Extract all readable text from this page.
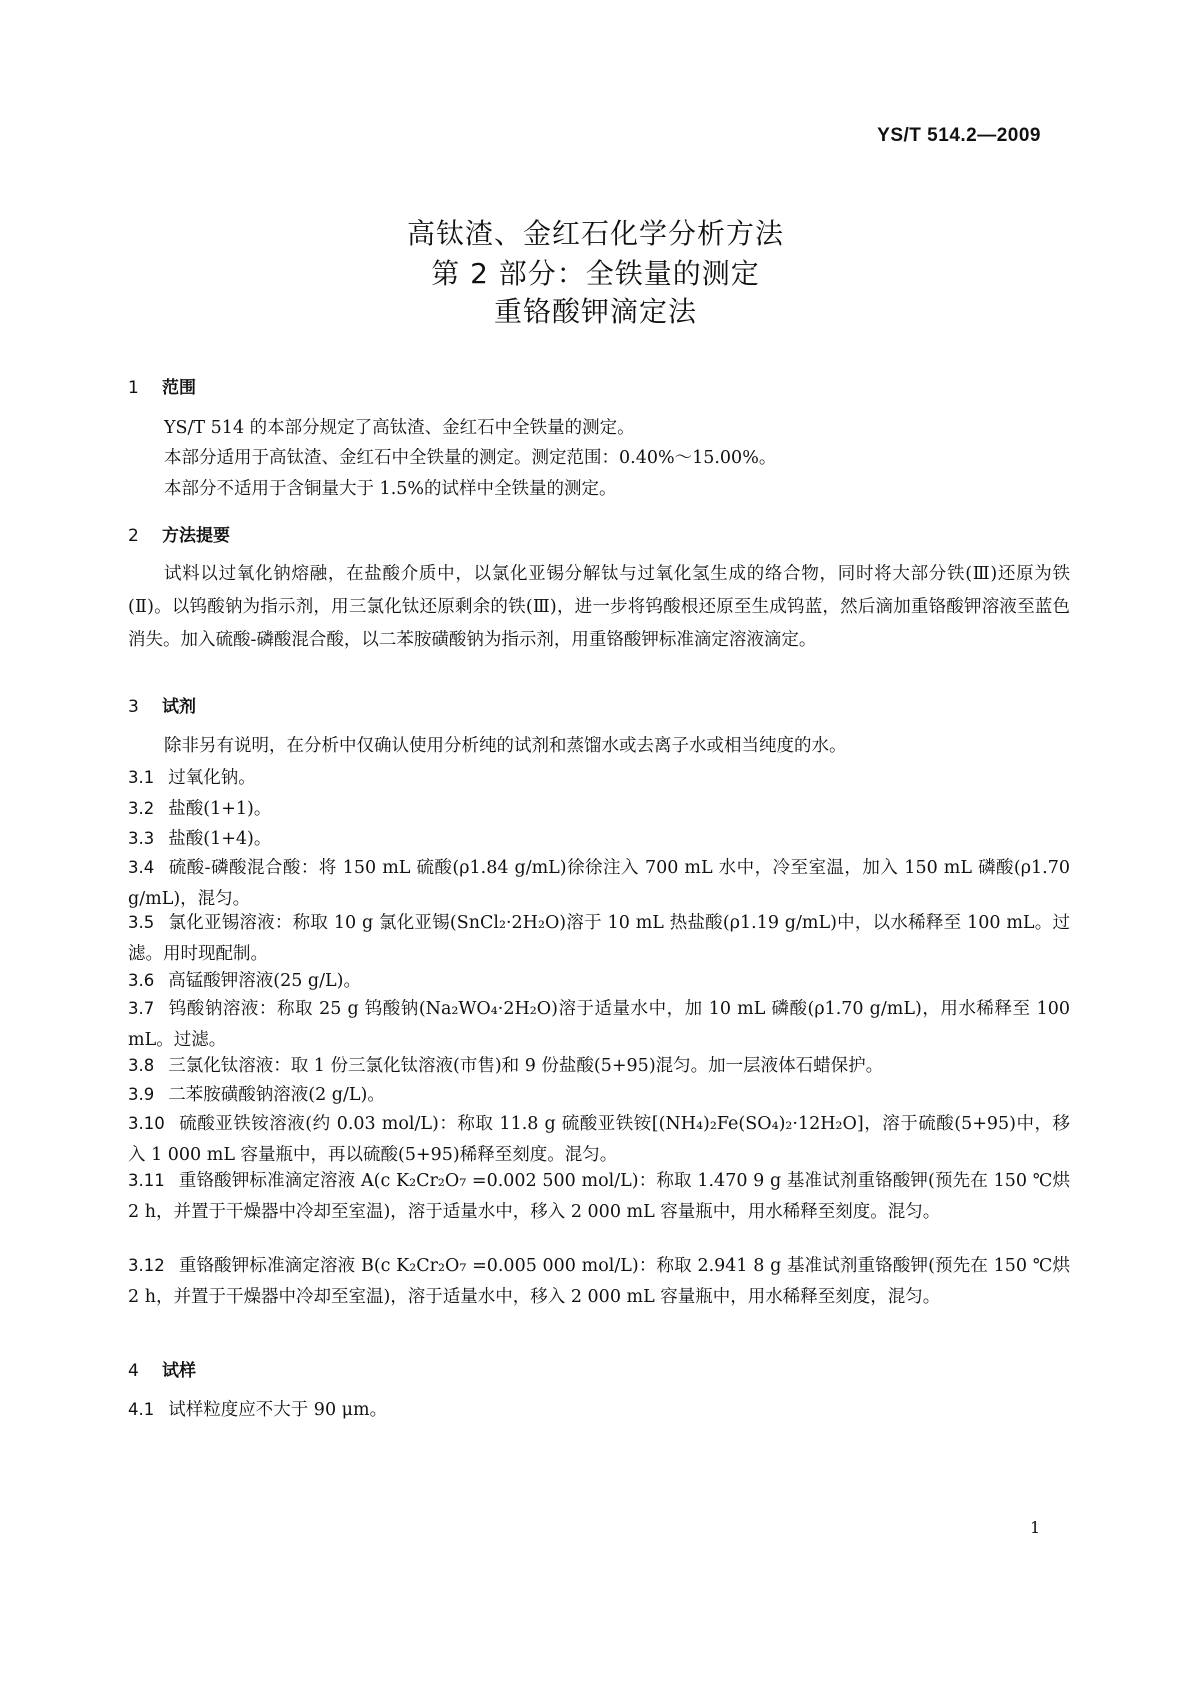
YS/T 514.2—2009
高钛渣、金红石化学分析方法
第 2 部分：全铁量的测定
重铬酸钾滴定法
1 范围
YS/T 514 的本部分规定了高钛渣、金红石中全铁量的测定。
本部分适用于高钛渣、金红石中全铁量的测定。测定范围：0.40%～15.00%。
本部分不适用于含铜量大于 1.5%的试样中全铁量的测定。
2 方法提要
试料以过氧化钠熔融，在盐酸介质中，以氯化亚锡分解钛与过氧化氢生成的络合物，同时将大部分铁(Ⅲ)还原为铁(Ⅱ)。以钨酸钠为指示剂，用三氯化钛还原剩余的铁(Ⅲ)，进一步将钨酸根还原至生成钨蓝，然后滴加重铬酸钾溶液至蓝色消失。加入硫酸-磷酸混合酸，以二苯胺磺酸钠为指示剂，用重铬酸钾标准滴定溶液滴定。
3 试剂
除非另有说明，在分析中仅确认使用分析纯的试剂和蒸馏水或去离子水或相当纯度的水。
3.1 过氧化钠。
3.2 盐酸(1+1)。
3.3 盐酸(1+4)。
3.4 硫酸-磷酸混合酸：将 150 mL 硫酸(ρ1.84 g/mL)徐徐注入 700 mL 水中，冷至室温，加入 150 mL 磷酸(ρ1.70 g/mL)，混匀。
3.5 氯化亚锡溶液：称取 10 g 氯化亚锡(SnCl₂·2H₂O)溶于 10 mL 热盐酸(ρ1.19 g/mL)中，以水稀释至 100 mL。过滤。用时现配制。
3.6 高锰酸钾溶液(25 g/L)。
3.7 钨酸钠溶液：称取 25 g 钨酸钠(Na₂WO₄·2H₂O)溶于适量水中，加 10 mL 磷酸(ρ1.70 g/mL)，用水稀释至 100 mL。过滤。
3.8 三氯化钛溶液：取 1 份三氯化钛溶液(市售)和 9 份盐酸(5+95)混匀。加一层液体石蜡保护。
3.9 二苯胺磺酸钠溶液(2 g/L)。
3.10 硫酸亚铁铵溶液(约 0.03 mol/L)：称取 11.8 g 硫酸亚铁铵[(NH₄)₂Fe(SO₄)₂·12H₂O]，溶于硫酸(5+95)中，移入 1 000 mL 容量瓶中，再以硫酸(5+95)稀释至刻度。混匀。
3.11 重铬酸钾标准滴定溶液 A(c K₂Cr₂O₇ =0.002 500 mol/L)：称取 1.470 9 g 基准试剂重铬酸钾(预先在 150 ℃烘 2 h，并置于干燥器中冷却至室温)，溶于适量水中，移入 2 000 mL 容量瓶中，用水稀释至刻度。混匀。
3.12 重铬酸钾标准滴定溶液 B(c K₂Cr₂O₇ =0.005 000 mol/L)：称取 2.941 8 g 基准试剂重铬酸钾(预先在 150 ℃烘 2 h，并置于干燥器中冷却至室温)，溶于适量水中，移入 2 000 mL 容量瓶中，用水稀释至刻度，混匀。
4 试样
4.1 试样粒度应不大于 90 μm。
1
